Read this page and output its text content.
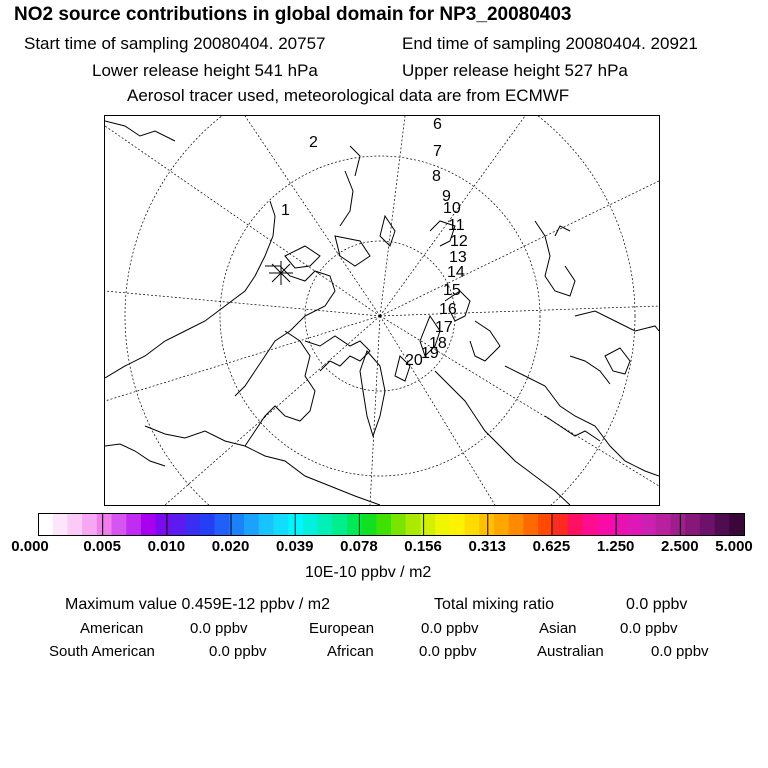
NO2 source contributions in global domain for NP3_20080403
Start time of sampling 20080404. 20757	End time of sampling 20080404. 20921
Lower release height 541 hPa	Upper release height 527 hPa
Aerosol tracer used, meteorological data are from ECMWF
1
2
6
7
8
9
10
11
12
13
14
15
16
17
18
19
20
0.000 0.005 0.010 0.020 0.039 0.078 0.156 0.313 0.625 1.250 2.500 5.000
10E-10 ppbv / m2
Maximum value 0.459E-12 ppbv / m2	Total mixing ratio	0.0 ppbv
American	0.0 ppbv	European	0.0 ppbv	Asian	0.0 ppbv
South American	0.0 ppbv	African	0.0 ppbv	Australian	0.0 ppbv
